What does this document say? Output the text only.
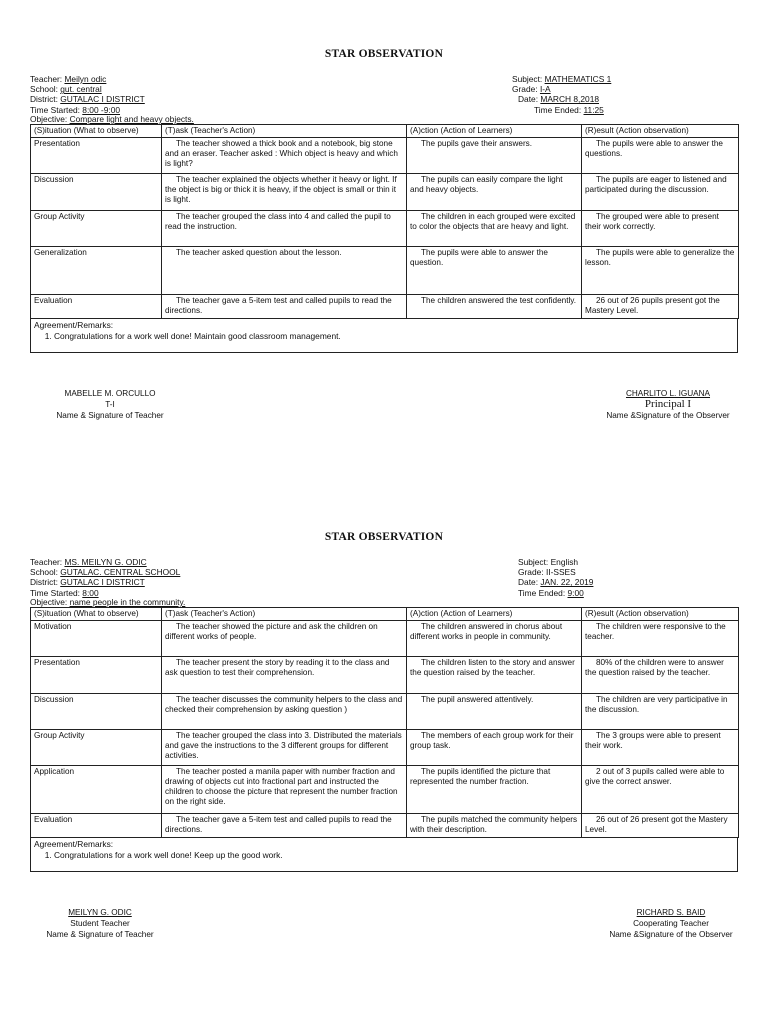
STAR OBSERVATION
Teacher: Meilyn odic
School: gut. central
District: GUTALAC I DISTRICT
Time Started: 8:00 -9:00
Subject: MATHEMATICS 1
Grade: I-A
Date: MARCH 8,2018
Time Ended: 11:25
Objective: Compare light and heavy objects.
(S)ituation (What to observe)	(T)ask (Teacher's Action)	(A)ction (Action of Learners)	(R)esult (Action observation)
Presentation	The teacher showed a thick book and a notebook, big stone and an eraser. Teacher asked : Which object is heavy and which is light?	The pupils gave their answers.	The pupils were able to answer the questions.
Discussion	The teacher explained the objects whether it heavy or light. If the object is big or thick it is heavy, if the object is small or thin it is light.	The pupils can easily compare the light and heavy objects.	The pupils are eager to listened and participated during the discussion.
Group Activity	The teacher grouped the class into 4 and called the pupil to read the instruction.	The children in each grouped were excited to color the objects that are heavy and light.	The grouped were able to present their work correctly.
Generalization	The teacher asked question about the lesson.	The pupils were able to answer the question.	The pupils were able to generalize the lesson.
Evaluation	The teacher gave a 5-item test and called pupils to read the directions.	The children answered the test confidently.	26 out of 26 pupils present got the Mastery Level.
Agreement/Remarks:
1. Congratulations for a work well done! Maintain good classroom management.
MABELLE M. ORCULLO
T-I
Name & Signature of Teacher
CHARLITO L. IGUANA
Principal I
Name &Signature of the Observer
STAR OBSERVATION
Teacher: MS. MEILYN G. ODIC
School: GUTALAC. CENTRAL SCHOOL
District: GUTALAC I DISTRICT
Time Started: 8:00
Subject: English
Grade: II-SSES
Date: JAN. 22, 2019
Time Ended: 9:00
Objective: name people in the community.
(S)ituation (What to observe)	(T)ask (Teacher's Action)	(A)ction (Action of Learners)	(R)esult (Action observation)
Motivation	The teacher showed the picture and ask the children on different works of people.	The children answered in chorus about different works in people in community.	The children were responsive to the teacher.
Presentation	The teacher present the story by reading it to the class and ask question to test their comprehension.	The children listen to the story and answer the question raised by the teacher.	80% of the children were to answer the question raised by the teacher.
Discussion	The teacher discusses the community helpers to the class and checked their comprehension by asking question )	The pupil answered attentively.	The children are very participative in the discussion.
Group Activity	The teacher grouped the class into 3. Distributed the materials and gave the instructions to the 3 different groups for different activities.	The members of each group work for their group task.	The 3 groups were able to present their work.
Application	The teacher posted a manila paper with number fraction and drawing of objects cut into fractional part and instructed the children to choose the picture that represent the number fraction on the right side.	The pupils identified the picture that represented the number fraction.	2 out of 3 pupils called were able to give the correct answer.
Evaluation	The teacher gave a 5-item test and called pupils to read the directions.	The pupils matched the community helpers with their description.	26 out of 26 present got the Mastery Level.
Agreement/Remarks:
1. Congratulations for a work well done! Keep up the good work.
MEILYN G. ODIC
Student Teacher
Name & Signature of Teacher
RICHARD S. BAID
Cooperating Teacher
Name &Signature of the Observer
